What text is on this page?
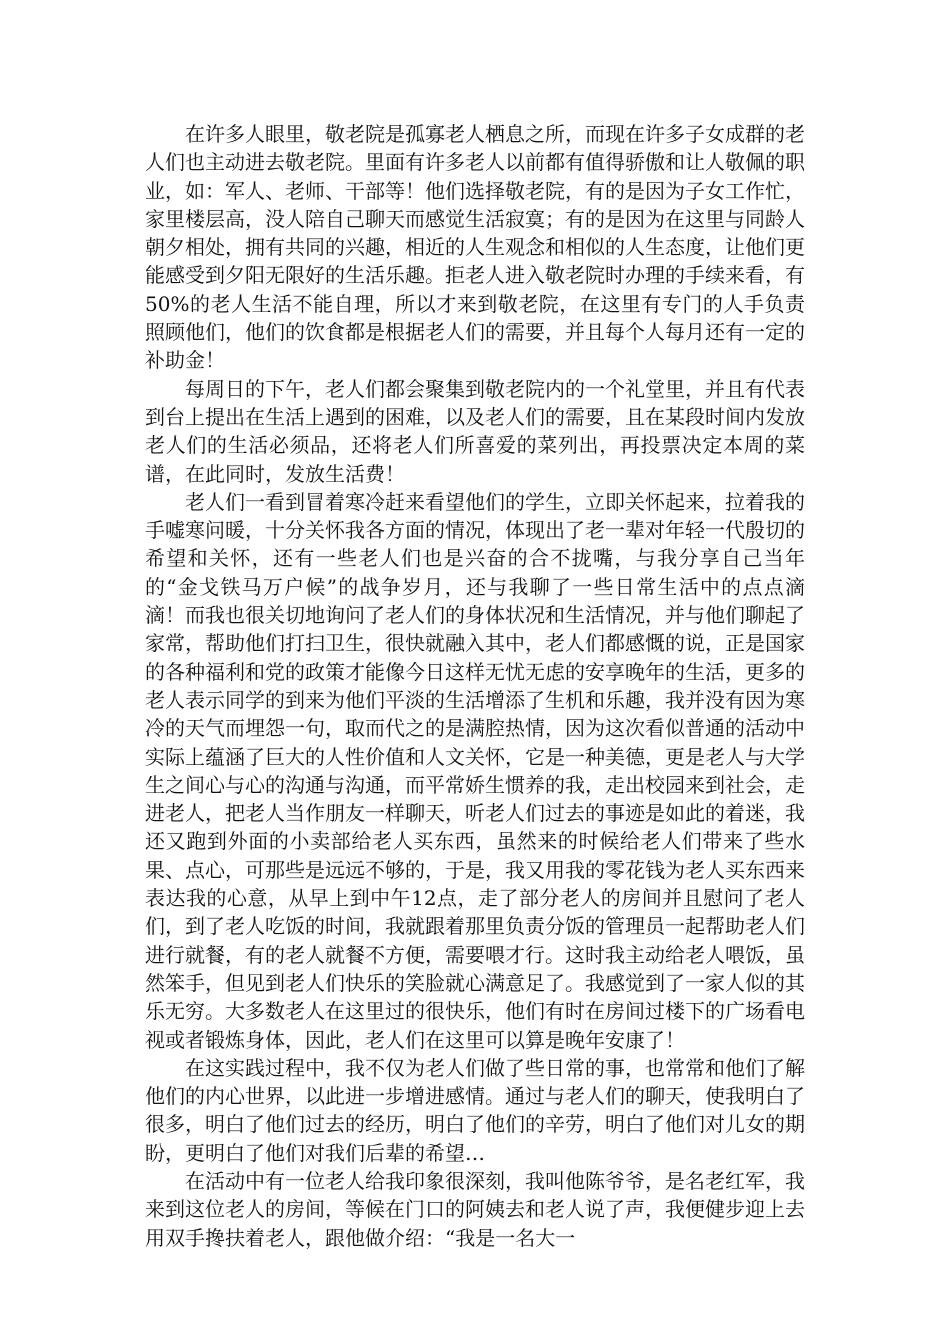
在许多人眼里，敬老院是孤寡老人栖息之所，而现在许多子女成群的老人们也主动进去敬老院。里面有许多老人以前都有值得骄傲和让人敬佩的职业，如：军人、老师、干部等！他们选择敬老院，有的是因为子女工作忙，家里楼层高，没人陪自己聊天而感觉生活寂寞；有的是因为在这里与同龄人朝夕相处，拥有共同的兴趣，相近的人生观念和相似的人生态度，让他们更能感受到夕阳无限好的生活乐趣。拒老人进入敬老院时办理的手续来看，有50%的老人生活不能自理，所以才来到敬老院，在这里有专门的人手负责照顾他们，他们的饮食都是根据老人们的需要，并且每个人每月还有一定的补助金！

每周日的下午，老人们都会聚集到敬老院内的一个礼堂里，并且有代表到台上提出在生活上遇到的困难，以及老人们的需要，且在某段时间内发放老人们的生活必须品，还将老人们所喜爱的菜列出，再投票决定本周的菜谱，在此同时，发放生活费！

老人们一看到冒着寒冷赶来看望他们的学生，立即关怀起来，拉着我的手嘘寒问暖，十分关怀我各方面的情况，体现出了老一辈对年轻一代殷切的希望和关怀，还有一些老人们也是兴奋的合不拢嘴，与我分享自己当年的“金戈铁马万户候”的战争岁月，还与我聊了一些日常生活中的点点滴滴！而我也很关切地询问了老人们的身体状况和生活情况，并与他们聊起了家常，帮助他们打扫卫生，很快就融入其中，老人们都感慨的说，正是国家的各种福利和党的政策才能像今日这样无忧无虑的安享晚年的生活，更多的老人表示同学的到来为他们平淡的生活增添了生机和乐趣，我并没有因为寒冷的天气而埋怨一句，取而代之的是满腔热情，因为这次看似普通的活动中实际上蕴涵了巨大的人性价值和人文关怀，它是一种美德，更是老人与大学生之间心与心的沟通与沟通，而平常娇生惯养的我，走出校园来到社会，走进老人，把老人当作朋友一样聊天，听老人们过去的事迹是如此的着迷，我还又跑到外面的小卖部给老人买东西，虽然来的时候给老人们带来了些水果、点心，可那些是远远不够的，于是，我又用我的零花钱为老人买东西来表达我的心意，从早上到中午12点，走了部分老人的房间并且慰问了老人们，到了老人吃饭的时间，我就跟着那里负责分饭的管理员一起帮助老人们进行就餐，有的老人就餐不方便，需要喂才行。这时我主动给老人喂饭，虽然笨手，但见到老人们快乐的笑脸就心满意足了。我感觉到了一家人似的其乐无穷。大多数老人在这里过的很快乐，他们有时在房间过楼下的广场看电视或者锻炼身体，因此，老人们在这里可以算是晚年安康了！

在这实践过程中，我不仅为老人们做了些日常的事，也常常和他们了解他们的内心世界，以此进一步增进感情。通过与老人们的聊天，使我明白了很多，明白了他们过去的经历，明白了他们的辛劳，明白了他们对儿女的期盼，更明白了他们对我们后辈的希望…

在活动中有一位老人给我印象很深刻，我叫他陈爷爷，是名老红军，我来到这位老人的房间，等候在门口的阿姨去和老人说了声，我便健步迎上去用双手搀扶着老人，跟他做介绍：“我是一名大一
